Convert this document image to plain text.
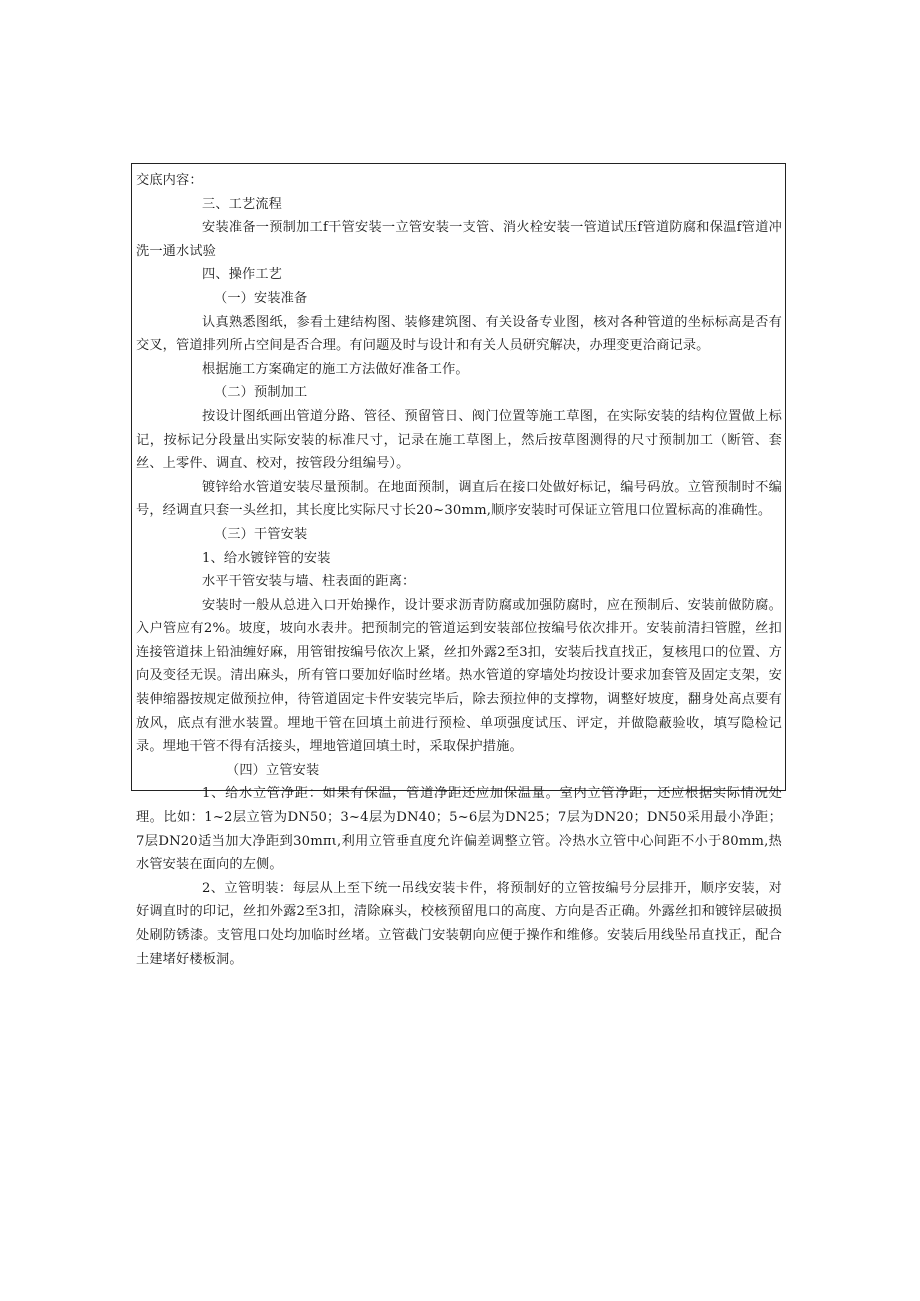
交底内容：

三、工艺流程

安装准备一预制加工f干管安装一立管安装一支管、消火栓安装一管道试压f管道防腐和保温f管道冲洗一通水试验

四、操作工艺

（一）安装准备

认真熟悉图纸，参看土建结构图、装修建筑图、有关设备专业图，核对各种管道的坐标标高是否有交叉，管道排列所占空间是否合理。有问题及时与设计和有关人员研究解决，办理变更洽商记录。

根据施工方案确定的施工方法做好准备工作。

（二）预制加工

按设计图纸画出管道分路、管径、预留管日、阀门位置等施工草图，在实际安装的结构位置做上标记，按标记分段量出实际安装的标准尺寸，记录在施工草图上，然后按草图测得的尺寸预制加工（断管、套丝、上零件、调直、校对，按管段分组编号）。

镀锌给水管道安装尽量预制。在地面预制，调直后在接口处做好标记，编号码放。立管预制时不编号，经调直只套一头丝扣，其长度比实际尺寸长20~30mm,顺序安装时可保证立管甩口位置标高的准确性。

（三）干管安装

1、给水镀锌管的安装

水平干管安装与墙、柱表面的距离：

安装时一般从总进入口开始操作，设计要求沥青防腐或加强防腐时，应在预制后、安装前做防腐。入户管应有2%。坡度，坡向水表井。把预制完的管道运到安装部位按编号依次排开。安装前清扫管膛，丝扣连接管道抹上铅油缠好麻，用管钳按编号依次上紧，丝扣外露2至3扣，安装后找直找正，复核甩口的位置、方向及变径无误。清出麻头，所有管口要加好临时丝堵。热水管道的穿墙处均按设计要求加套管及固定支架，安装伸缩器按规定做预拉伸，待管道固定卡件安装完毕后，除去预拉伸的支撑物，调整好坡度，翻身处高点要有放风，底点有泄水装置。埋地干管在回填土前进行预检、单项强度试压、评定，并做隐蔽验收，填写隐检记录。埋地干管不得有活接头，埋地管道回填土时，采取保护措施。

（四）立管安装

1、给水立管净距：如果有保温，管道净距还应加保温量。室内立管净距，还应根据实际情况处理。比如：1~2层立管为DN50；3~4层为DN40；5~6层为DN25；7层为DN20；DN50采用最小净距；7层DN20适当加大净距到30mπι,利用立管垂直度允许偏差调整立管。冷热水立管中心间距不小于80mm,热水管安装在面向的左侧。

2、立管明装：每层从上至下统一吊线安装卡件，将预制好的立管按编号分层排开，顺序安装，对好调直时的印记，丝扣外露2至3扣，清除麻头，校核预留甩口的高度、方向是否正确。外露丝扣和镀锌层破损处刷防锈漆。支管甩口处均加临时丝堵。立管截门安装朝向应便于操作和维修。安装后用线坠吊直找正，配合土建堵好楼板洞。
